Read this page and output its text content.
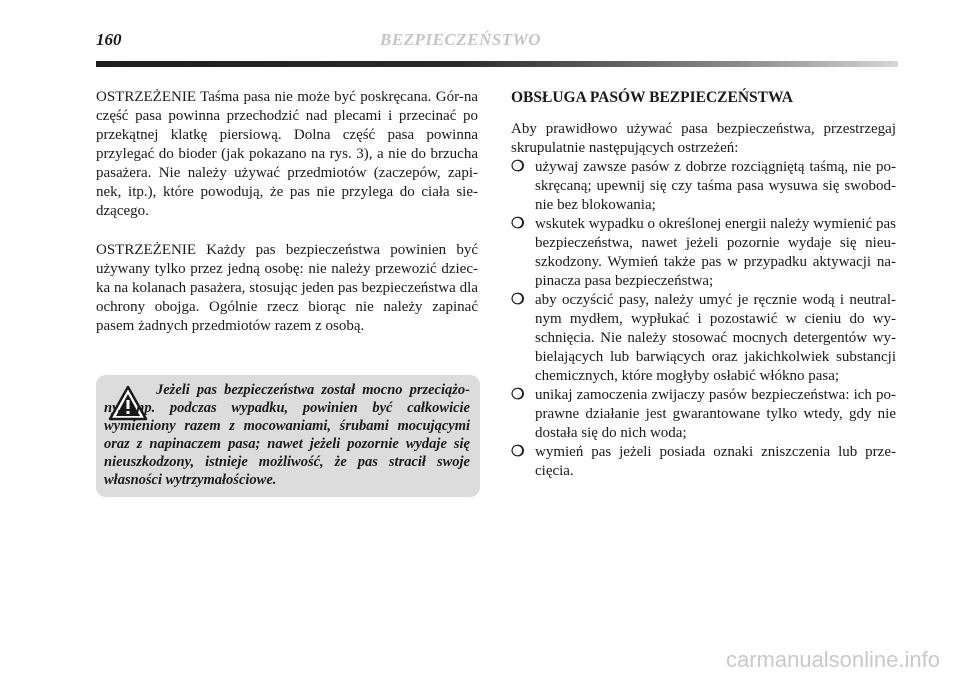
160	BEZPIECZEŃSTWO

OSTRZEŻENIE Taśma pasa nie może być poskręcana. Gór-na część pasa powinna przechodzić nad plecami i przecinać po przekątnej klatkę piersiową. Dolna część pasa powinna przylegać do bioder (jak pokazano na rys. 3), a nie do brzucha pasażera. Nie należy używać przedmiotów (zaczepów, zapi-nek, itp.), które powodują, że pas nie przylega do ciała sie-dzącego.

OSTRZEŻENIE Każdy pas bezpieczeństwa powinien być używany tylko przez jedną osobę: nie należy przewozić dziec-ka na kolanach pasażera, stosując jeden pas bezpieczeństwa dla ochrony obojga. Ogólnie rzecz biorąc nie należy zapinać pasem żadnych przedmiotów razem z osobą.

Jeżeli pas bezpieczeństwa został mocno przeciążo-ny, np. podczas wypadku, powinien być całkowicie wymieniony razem z mocowaniami, śrubami mocującymi oraz z napinaczem pasa; nawet jeżeli pozornie wydaje się nieuszkodzony, istnieje możliwość, że pas stracił swoje własności wytrzymałościowe.
OBSŁUGA PASÓW BEZPIECZEŃSTWA

Aby prawidłowo używać pasa bezpieczeństwa, przestrzegaj skrupulatnie następujących ostrzeżeń:

❍ używaj zawsze pasów z dobrze rozciągniętą taśmą, nie po-skręcaną; upewnij się czy taśma pasa wysuwa się swobod-nie bez blokowania;
❍ wskutek wypadku o określonej energii należy wymienić pas bezpieczeństwa, nawet jeżeli pozornie wydaje się nieu-szkodzony. Wymień także pas w przypadku aktywacji na-pinacza pasa bezpieczeństwa;
❍ aby oczyścić pasy, należy umyć je ręcznie wodą i neutral-nym mydłem, wypłukać i pozostawić w cieniu do wy-schnięcia. Nie należy stosować mocnych detergentów wy-bielających lub barwiących oraz jakichkolwiek substancji chemicznych, które mogłyby osłabić włókno pasa;
❍ unikaj zamoczenia zwijaczy pasów bezpieczeństwa: ich po-prawne działanie jest gwarantowane tylko wtedy, gdy nie dostała się do nich woda;
❍ wymień pas jeżeli posiada oznaki zniszczenia lub prze-cięcia.
carmanualsonline.info
